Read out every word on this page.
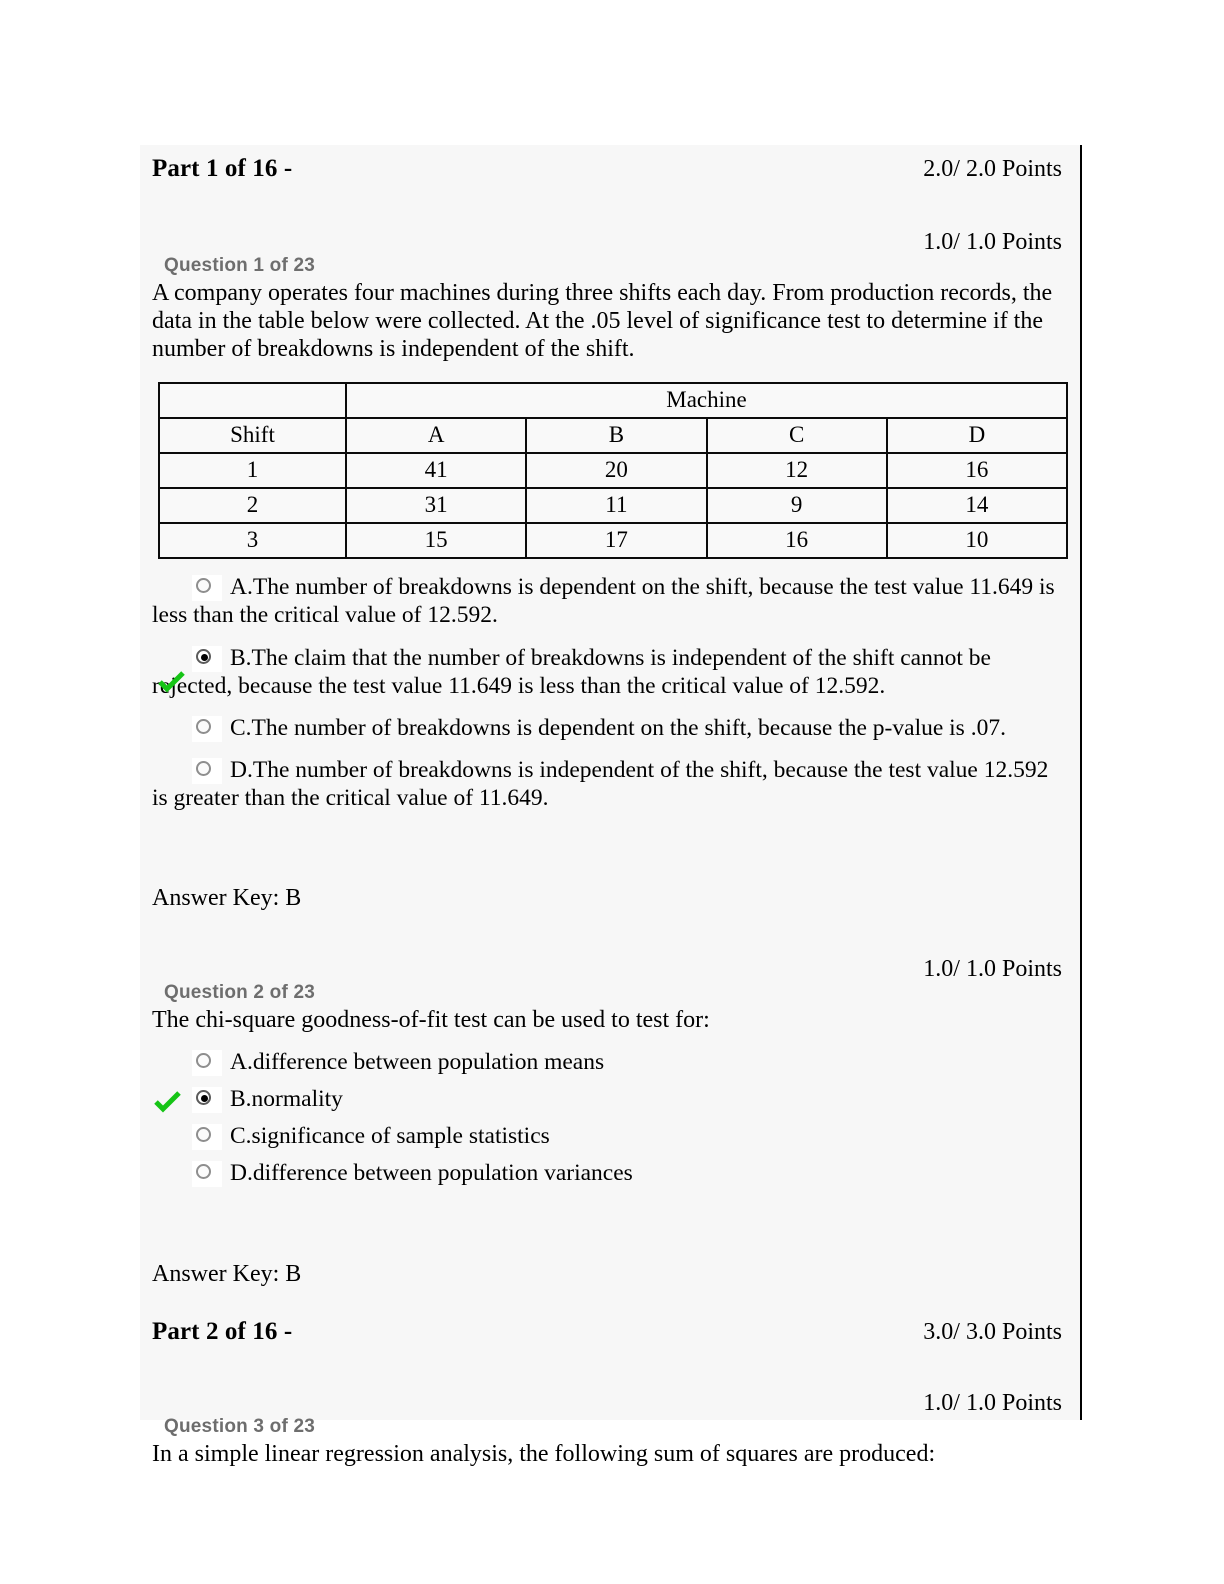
Part 1 of 16 -	2.0/ 2.0 Points
Question 1 of 23
1.0/ 1.0 Points

A company operates four machines during three shifts each day. From production records, the data in the table below were collected. At the .05 level of significance test to determine if the number of breakdowns is independent of the shift.

	Machine			
Shift	A	B	C	D
1	41	20	12	16
2	31	11	9	14
3	15	17	16	10
A.The number of breakdowns is dependent on the shift, because the test value 11.649 is less than the critical value of 12.592.
B.The claim that the number of breakdowns is independent of the shift cannot be rejected, because the test value 11.649 is less than the critical value of 12.592.
C.The number of breakdowns is dependent on the shift, because the p-value is .07.
D.The number of breakdowns is independent of the shift, because the test value 12.592 is greater than the critical value of 11.649.

Answer Key: B

Question 2 of 23
1.0/ 1.0 Points

The chi-square goodness-of-fit test can be used to test for:

A.difference between population means
B.normality
C.significance of sample statistics
D.difference between population variances

Answer Key: B

Part 2 of 16 -	3.0/ 3.0 Points
Question 3 of 23
1.0/ 1.0 Points

In a simple linear regression analysis, the following sum of squares are produced:
